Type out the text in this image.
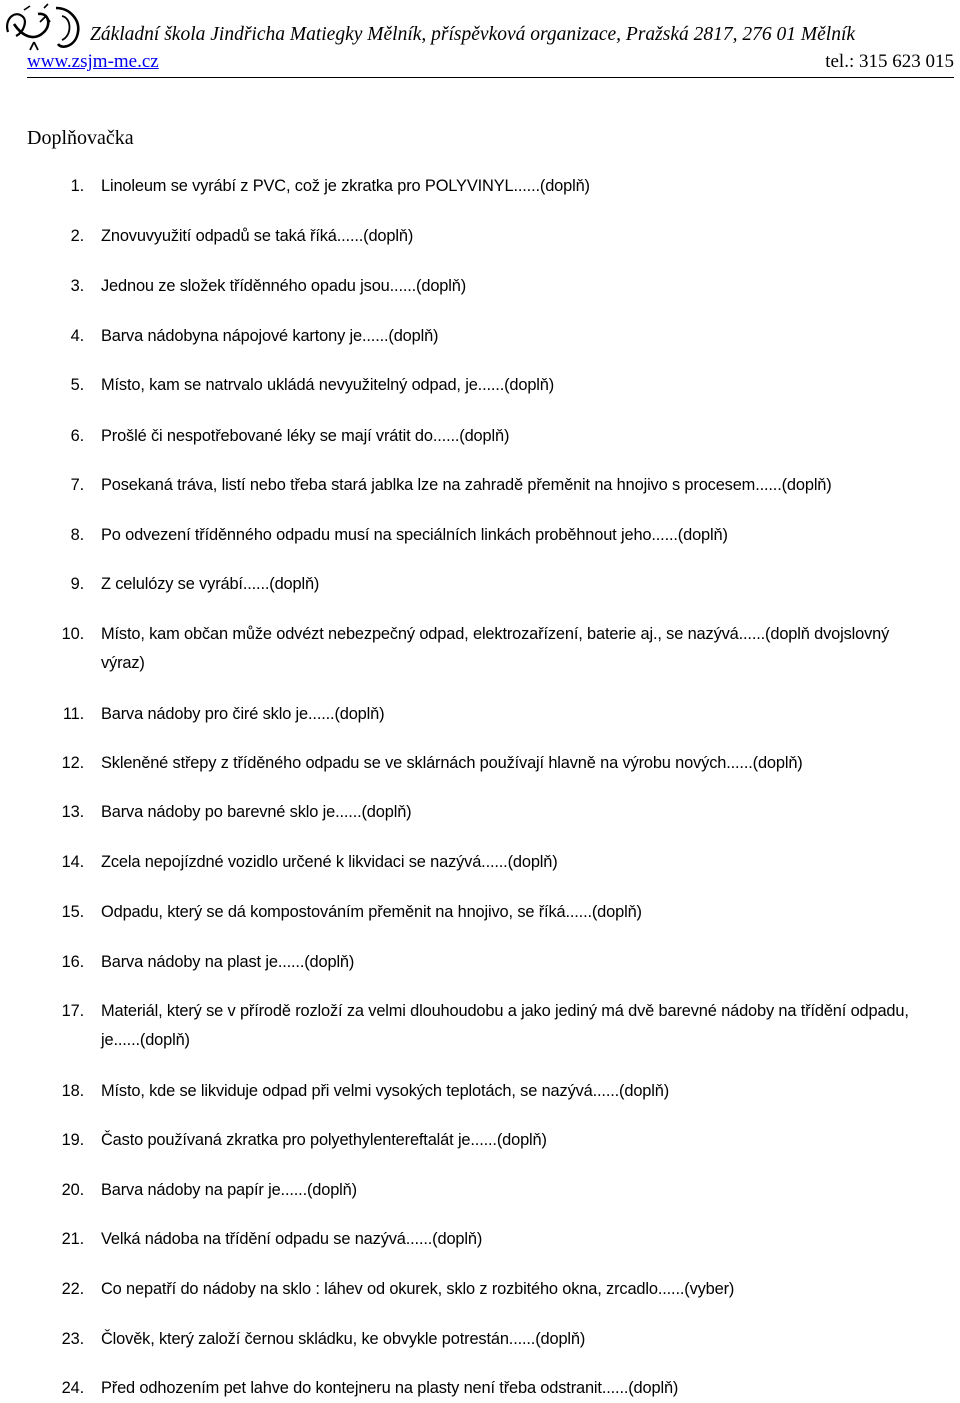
Základní škola Jindřicha Matiegky Mělník, příspěvková organizace, Pražská 2817, 276 01 Mělník
www.zsjm-me.cz	tel.: 315 623 015
Doplňovačka
1. Linoleum se vyrábí z PVC, což je zkratka pro POLYVINYL......(doplň)
2. Znovuvyužití odpadů se taká říká......(doplň)
3. Jednou ze složek tříděnného opadu jsou......(doplň)
4. Barva nádobyna nápojové kartony je......(doplň)
5. Místo, kam se natrvalo ukládá nevyužitelný odpad, je......(doplň)
6. Prošlé či nespotřebované léky se mají vrátit do......(doplň)
7. Posekaná tráva, listí nebo třeba stará jablka lze na zahradě přeměnit na hnojivo s procesem......(doplň)
8. Po odvezení tříděnného odpadu musí na speciálních linkách proběhnout jeho......(doplň)
9. Z celulózy se vyrábí......(doplň)
10. Místo, kam občan může odvézt nebezpečný odpad, elektrozařízení, baterie aj., se nazývá......(doplň dvojslovný výraz)
11. Barva nádoby pro čiré sklo je......(doplň)
12. Skleněné střepy z tříděného odpadu se ve sklárnách používají hlavně na výrobu nových......(doplň)
13. Barva nádoby po barevné sklo je......(doplň)
14. Zcela nepojízdné vozidlo určené k likvidaci se nazývá......(doplň)
15. Odpadu, který se dá kompostováním přeměnit na hnojivo, se říká......(doplň)
16. Barva nádoby na plast je......(doplň)
17. Materiál, který se v přírodě rozloží za velmi dlouhoudobu a jako jediný má dvě barevné nádoby na třídění odpadu, je......(doplň)
18. Místo, kde se likviduje odpad při velmi vysokých teplotách, se nazývá......(doplň)
19. Často používaná zkratka pro polyethylentereftalát je......(doplň)
20. Barva nádoby na papír je......(doplň)
21. Velká nádoba na třídění odpadu se nazývá......(doplň)
22. Co nepatří do nádoby na sklo : láhev od okurek, sklo z rozbitého okna, zrcadlo......(vyber)
23. Člověk, který založí černou skládku, ke obvykle potrestán......(doplň)
24. Před odhozením pet lahve do kontejneru na plasty není třeba odstranit......(doplň)
